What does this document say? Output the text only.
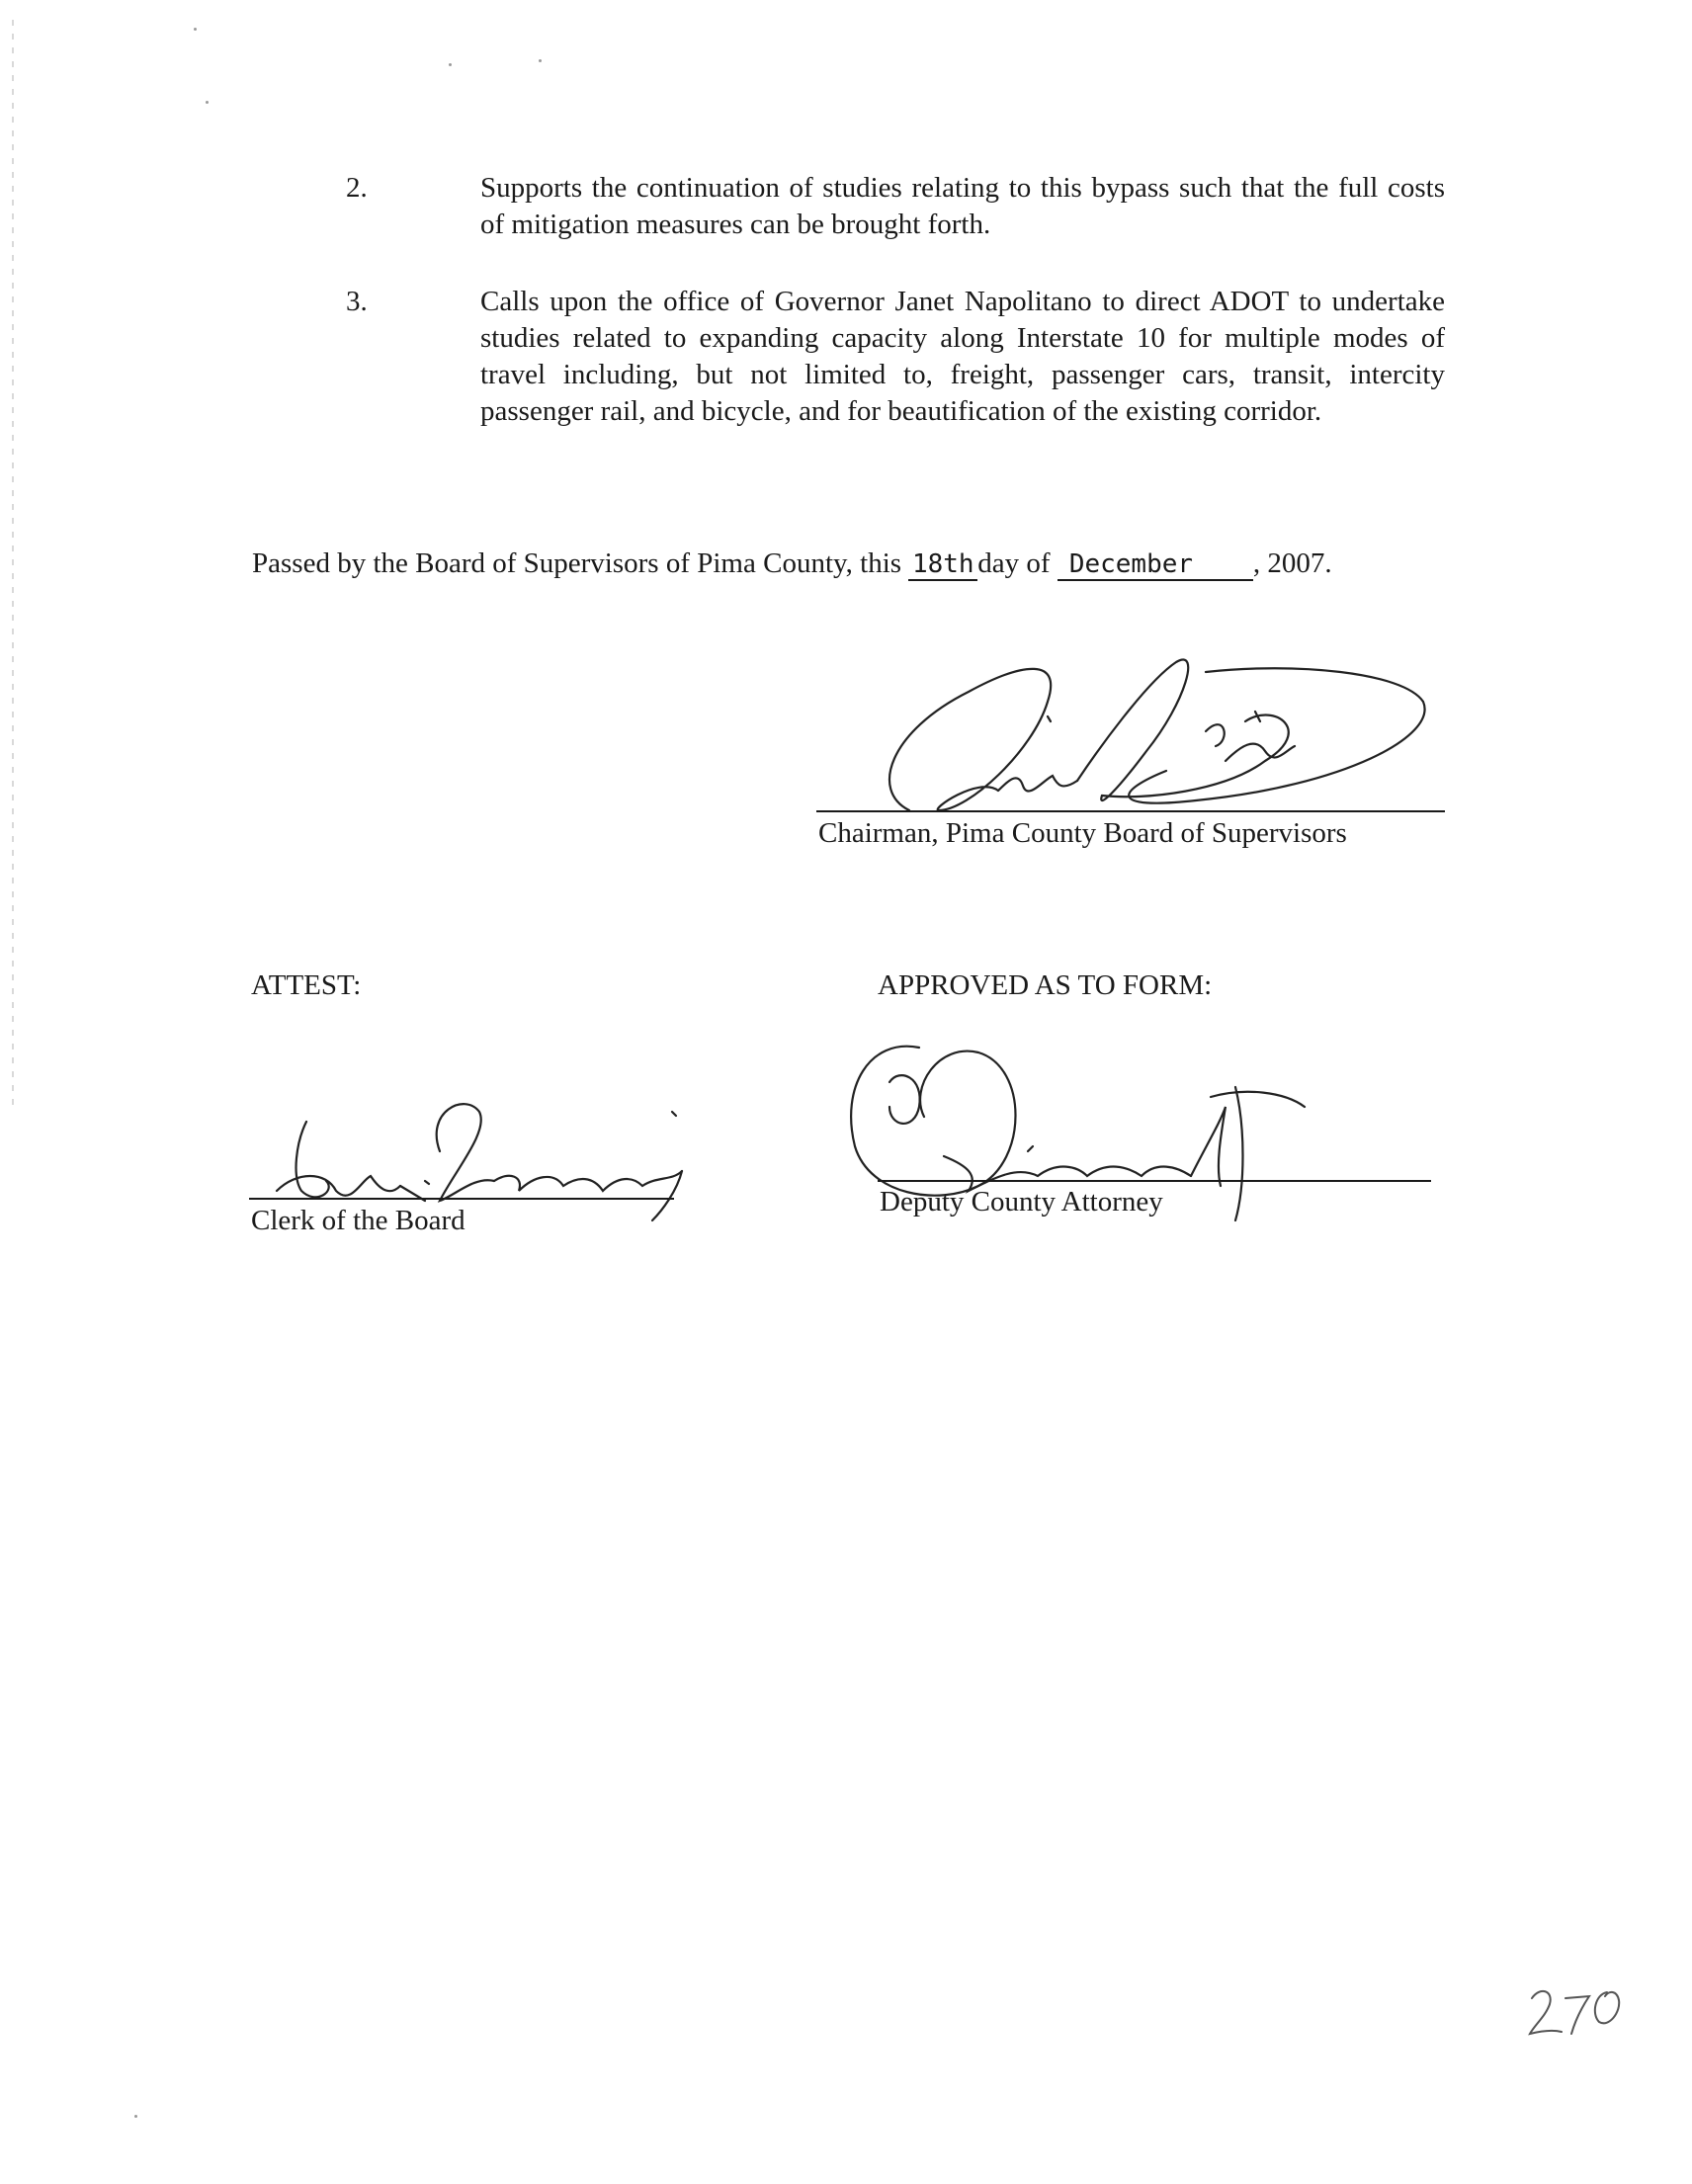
2.	Supports the continuation of studies relating to this bypass such that the full costs of mitigation measures can be brought forth.
3.	Calls upon the office of Governor Janet Napolitano to direct ADOT to undertake studies related to expanding capacity along Interstate 10 for multiple modes of travel including, but not limited to, freight, passenger cars, transit, intercity passenger rail, and bicycle, and for beautification of the existing corridor.
Passed by the Board of Supervisors of Pima County, this 18th day of December , 2007.
Chairman, Pima County Board of Supervisors
ATTEST:	APPROVED AS TO FORM:
Clerk of the Board
Deputy County Attorney
